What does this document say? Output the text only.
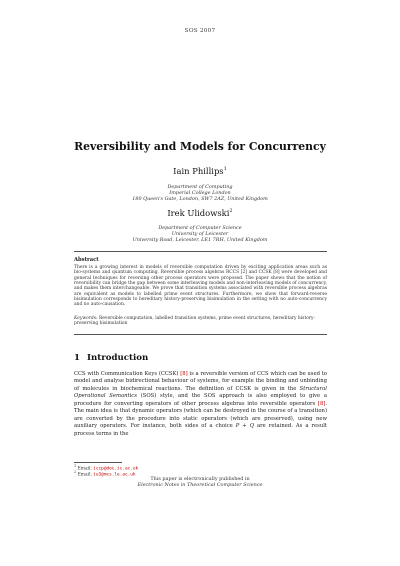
SOS 2007
Reversibility and Models for Concurrency
Iain Phillips$^1$
Department of Computing
Imperial College London
180 Queen's Gate, London, SW7 2AZ, United Kingdom
Irek Ulidowski$^2$
Department of Computer Science
University of Leicester
University Road, Leicester, LE1 7RH, United Kingdom
Abstract

There is a growing interest in models of reversible computation driven by exciting application areas such as bio-systems and quantum computing. Reversible process algebras RCCS [2] and CCSK [8] were developed and general techniques for reversing other process operators were proposed. The paper shows that the notion of reversibility can bridge the gap between some interleaving models and non-interleaving models of concurrency, and makes them interchangeable. We prove that transition systems associated with reversible process algebras are equivalent as models to labelled prime event structures. Furthermore, we show that forward-reverse bisimulation corresponds to hereditary history-preserving bisimulation in the setting with no auto-concurrency and no auto-causation.

Keywords: Reversible computation, labelled transition systems, prime event structures, hereditary history-preserving bisimulation

1 Introduction

CCS with Communication Keys (CCSK) [8] is a reversible version of CCS which can be used to model and analyse bidirectional behaviour of systems, for example the binding and unbinding of molecules in biochemical reactions. The definition of CCSK is given in the Structural Operational Semantics (SOS) style, and the SOS approach is also employed to give a procedure for converting operators of other process algebras into reversible operators [8]. The main idea is that dynamic operators (which can be destroyed in the course of a transition) are converted by the procedure into static operators (which are preserved), using new auxiliary operators. For instance, both sides of a choice P + Q are retained. As a result process terms in the

$^1$ Email: iccp@doc.ic.ac.uk
$^2$ Email: iu3@mcs.le.ac.uk
This paper is electronically published in
Electronic Notes in Theoretical Computer Science
